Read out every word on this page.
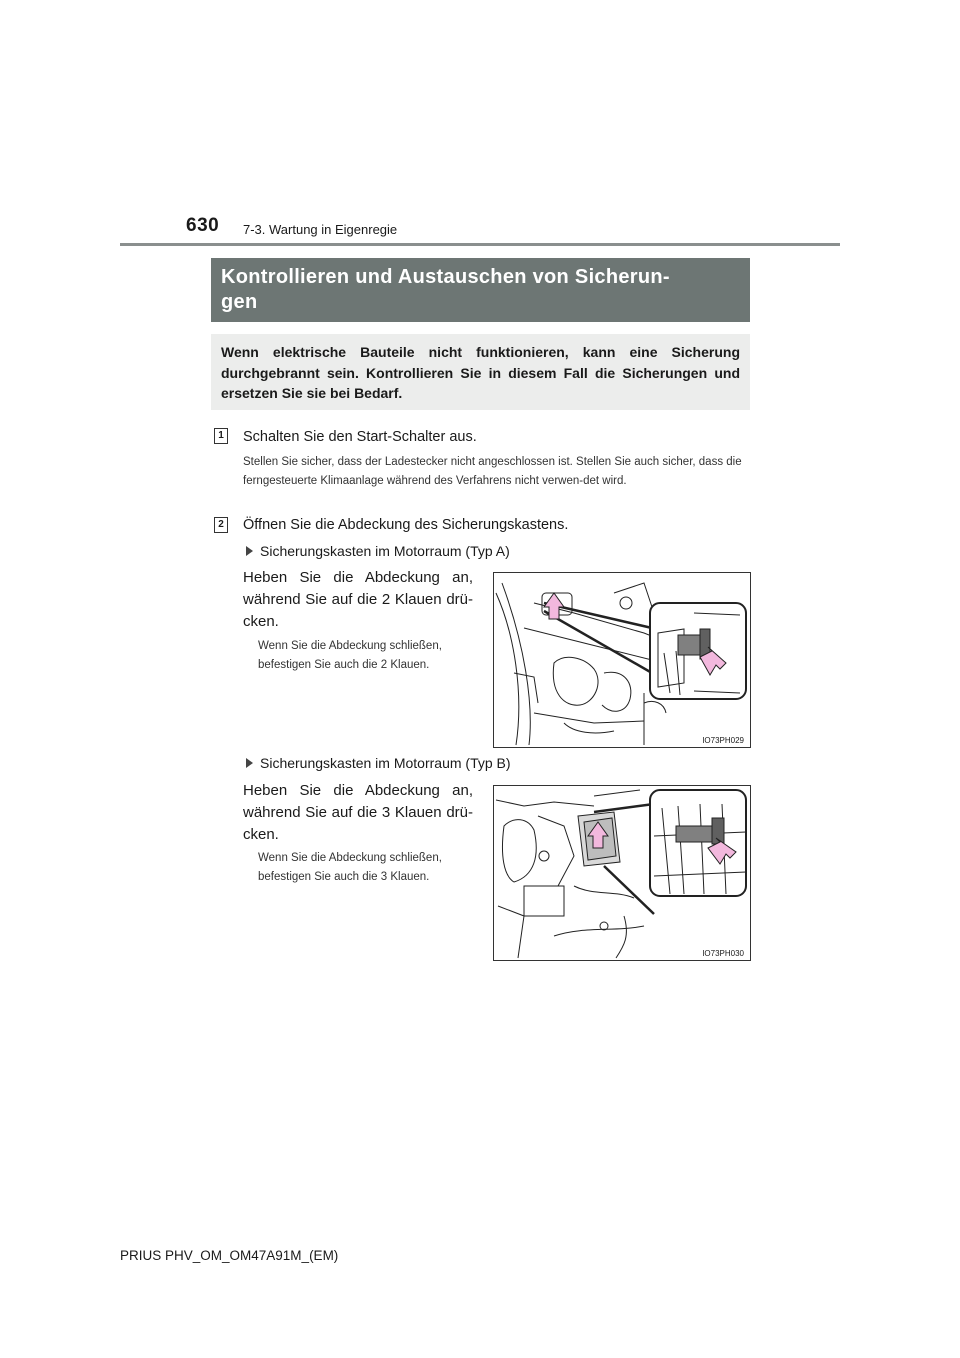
630 7-3. Wartung in Eigenregie
Kontrollieren und Austauschen von Sicherun-
gen
Wenn elektrische Bauteile nicht funktionieren, kann eine Sicherung durchgebrannt sein. Kontrollieren Sie in diesem Fall die Sicherungen und ersetzen Sie sie bei Bedarf.
1 Schalten Sie den Start-Schalter aus.
Stellen Sie sicher, dass der Ladestecker nicht angeschlossen ist. Stellen Sie auch sicher, dass die ferngesteuerte Klimaanlage während des Verfahrens nicht verwen-det wird.
2 Öffnen Sie die Abdeckung des Sicherungskastens.
Sicherungskasten im Motorraum (Typ A)
Heben Sie die Abdeckung an, während Sie auf die 2 Klauen drü-cken.
Wenn Sie die Abdeckung schließen, befestigen Sie auch die 2 Klauen.
IO73PH029
Sicherungskasten im Motorraum (Typ B)
Heben Sie die Abdeckung an, während Sie auf die 3 Klauen drü-cken.
Wenn Sie die Abdeckung schließen, befestigen Sie auch die 3 Klauen.
IO73PH030
PRIUS PHV_OM_OM47A91M_(EM)
